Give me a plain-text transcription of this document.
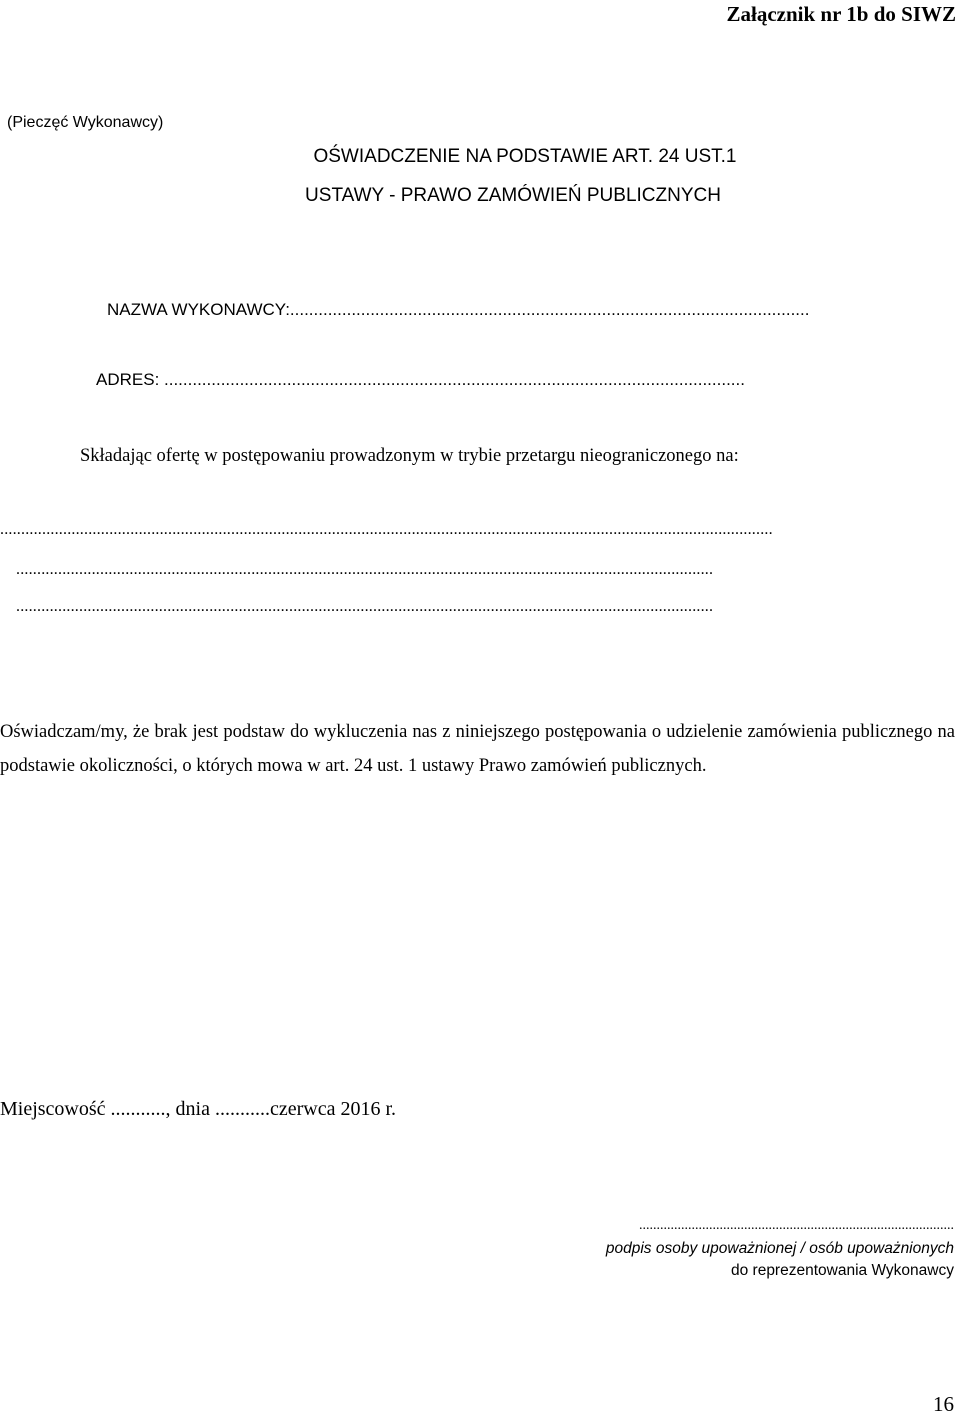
Załącznik nr 1b do SIWZ
(Pieczęć Wykonawcy)
OŚWIADCZENIE NA PODSTAWIE ART. 24 UST.1
USTAWY - PRAWO ZAMÓWIEŃ PUBLICZNYCH
NAZWA WYKONAWCY:..............................................................................................................
ADRES: ...........................................................................................................................
Składając ofertę w postępowaniu prowadzonym w trybie przetargu nieograniczonego na:
........................................................................................................................................................................................
......................................................................................................................................................................
......................................................................................................................................................................
Oświadczam/my, że brak jest podstaw do wykluczenia nas z niniejszego postępowania o udzielenie zamówienia publicznego na podstawie okoliczności, o których mowa w art. 24 ust. 1 ustawy Prawo zamówień publicznych.
Miejscowość ..........., dnia ...........czerwca 2016 r.
..........................................................................................
podpis osoby upoważnionej / osób upoważnionych
do reprezentowania Wykonawcy
16
